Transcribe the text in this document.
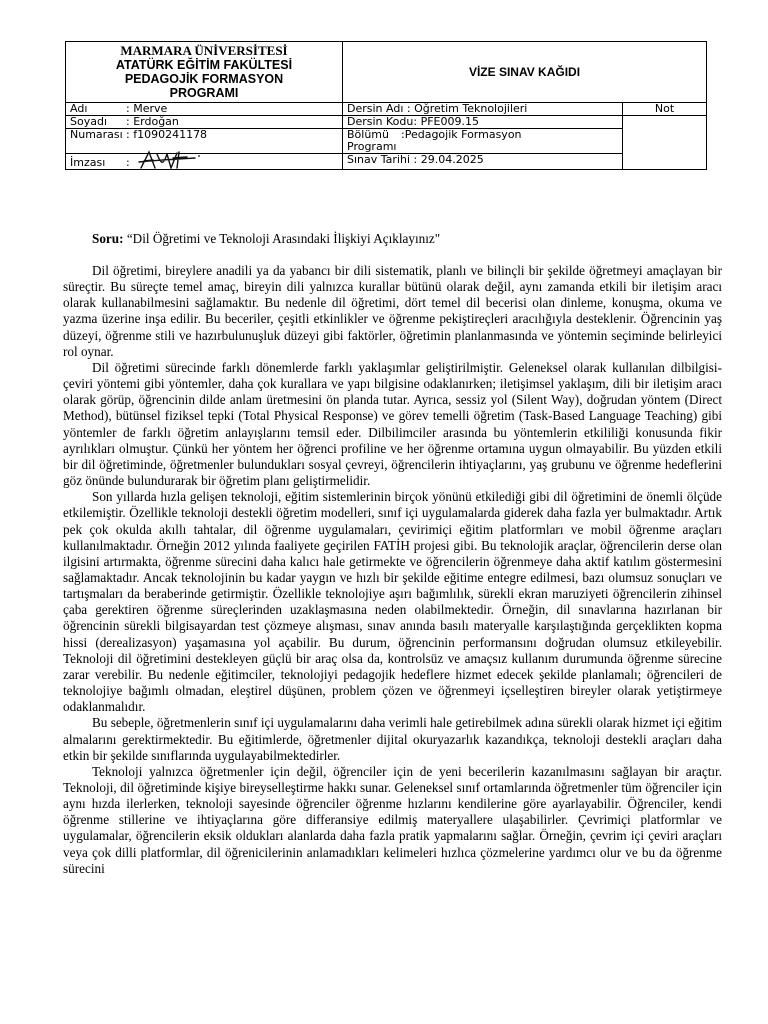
MARMARA ÜNİVERSİTESİ
ATATÜRK EĞİTİM FAKÜLTESİ
PEDAGOJİK FORMASYON
PROGRAMI	VİZE SINAV KAĞIDI	
Adı : Merve	Dersin Adı : Öğretim Teknolojileri	Not
Soyadı : Erdoğan	Dersin Kodu: PFE009.15	
Numarası : f1090241178	Bölümü :Pedagojik Formasyon
Programı	
İmzası :	Sınav Tarihi : 29.04.2025	
Soru: “Dil Öğretimi ve Teknoloji Arasındaki İlişkiyi Açıklayınız"

Dil öğretimi, bireylere anadili ya da yabancı bir dili sistematik, planlı ve bilinçli bir şekilde öğretmeyi amaçlayan bir süreçtir. Bu süreçte temel amaç, bireyin dili yalnızca kurallar bütünü olarak değil, aynı zamanda etkili bir iletişim aracı olarak kullanabilmesini sağlamaktır. Bu nedenle dil öğretimi, dört temel dil becerisi olan dinleme, konuşma, okuma ve yazma üzerine inşa edilir. Bu beceriler, çeşitli etkinlikler ve öğrenme pekiştireçleri aracılığıyla desteklenir. Öğrencinin yaş düzeyi, öğrenme stili ve hazırbulunuşluk düzeyi gibi faktörler, öğretimin planlanmasında ve yöntemin seçiminde belirleyici rol oynar.

Dil öğretimi sürecinde farklı dönemlerde farklı yaklaşımlar geliştirilmiştir. Geleneksel olarak kullanılan dilbilgisi-çeviri yöntemi gibi yöntemler, daha çok kurallara ve yapı bilgisine odaklanırken; iletişimsel yaklaşım, dili bir iletişim aracı olarak görüp, öğrencinin dilde anlam üretmesini ön planda tutar. Ayrıca, sessiz yol (Silent Way), doğrudan yöntem (Direct Method), bütünsel fiziksel tepki (Total Physical Response) ve görev temelli öğretim (Task-Based Language Teaching) gibi yöntemler de farklı öğretim anlayışlarını temsil eder. Dilbilimciler arasında bu yöntemlerin etkililiği konusunda fikir ayrılıkları olmuştur. Çünkü her yöntem her öğrenci profiline ve her öğrenme ortamına uygun olmayabilir. Bu yüzden etkili bir dil öğretiminde, öğretmenler bulundukları sosyal çevreyi, öğrencilerin ihtiyaçlarını, yaş grubunu ve öğrenme hedeflerini göz önünde bulundurarak bir öğretim planı geliştirmelidir.

Son yıllarda hızla gelişen teknoloji, eğitim sistemlerinin birçok yönünü etkilediği gibi dil öğretimini de önemli ölçüde etkilemiştir. Özellikle teknoloji destekli öğretim modelleri, sınıf içi uygulamalarda giderek daha fazla yer bulmaktadır. Artık pek çok okulda akıllı tahtalar, dil öğrenme uygulamaları, çevirimiçi eğitim platformları ve mobil öğrenme araçları kullanılmaktadır. Örneğin 2012 yılında faaliyete geçirilen FATİH projesi gibi. Bu teknolojik araçlar, öğrencilerin derse olan ilgisini artırmakta, öğrenme sürecini daha kalıcı hale getirmekte ve öğrencilerin öğrenmeye daha aktif katılım göstermesini sağlamaktadır. Ancak teknolojinin bu kadar yaygın ve hızlı bir şekilde eğitime entegre edilmesi, bazı olumsuz sonuçları ve tartışmaları da beraberinde getirmiştir. Özellikle teknolojiye aşırı bağımlılık, sürekli ekran maruziyeti öğrencilerin zihinsel çaba gerektiren öğrenme süreçlerinden uzaklaşmasına neden olabilmektedir. Örneğin, dil sınavlarına hazırlanan bir öğrencinin sürekli bilgisayardan test çözmeye alışması, sınav anında basılı materyalle karşılaştığında gerçeklikten kopma hissi (derealizasyon) yaşamasına yol açabilir. Bu durum, öğrencinin performansını doğrudan olumsuz etkileyebilir. Teknoloji dil öğretimini destekleyen güçlü bir araç olsa da, kontrolsüz ve amaçsız kullanım durumunda öğrenme sürecine zarar verebilir. Bu nedenle eğitimciler, teknolojiyi pedagojik hedeflere hizmet edecek şekilde planlamalı; öğrencileri de teknolojiye bağımlı olmadan, eleştirel düşünen, problem çözen ve öğrenmeyi içselleştiren bireyler olarak yetiştirmeye odaklanmalıdır.

Bu sebeple, öğretmenlerin sınıf içi uygulamalarını daha verimli hale getirebilmek adına sürekli olarak hizmet içi eğitim almalarını gerektirmektedir. Bu eğitimlerde, öğretmenler dijital okuryazarlık kazandıkça, teknoloji destekli araçları daha etkin bir şekilde sınıflarında uygulayabilmektedirler.

Teknoloji yalnızca öğretmenler için değil, öğrenciler için de yeni becerilerin kazanılmasını sağlayan bir araçtır. Teknoloji, dil öğretiminde kişiye bireyselleştirme hakkı sunar. Geleneksel sınıf ortamlarında öğretmenler tüm öğrenciler için aynı hızda ilerlerken, teknoloji sayesinde öğrenciler öğrenme hızlarını kendilerine göre ayarlayabilir. Öğrenciler, kendi öğrenme stillerine ve ihtiyaçlarına göre differansiye edilmiş materyallere ulaşabilirler. Çevrimiçi platformlar ve uygulamalar, öğrencilerin eksik oldukları alanlarda daha fazla pratik yapmalarını sağlar. Örneğin, çevrim içi çeviri araçları veya çok dilli platformlar, dil öğrenicilerinin anlamadıkları kelimeleri hızlıca çözmelerine yardımcı olur ve bu da öğrenme sürecini
